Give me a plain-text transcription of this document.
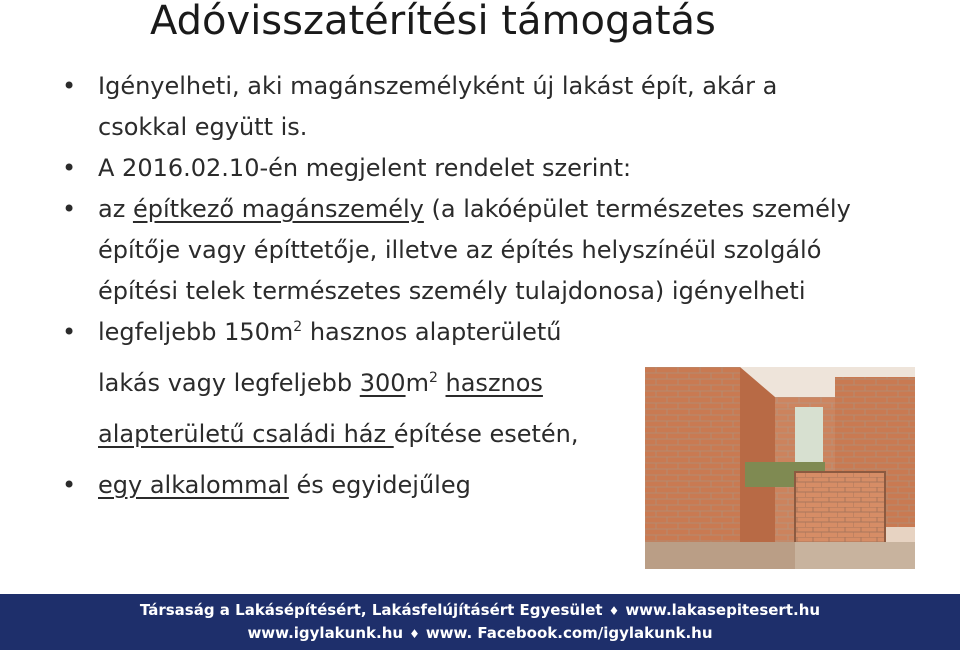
Adóvisszatérítési támogatás
• Igényelheti, aki magánszemélyként új lakást épít, akár a csokkal együtt is.
• A 2016.02.10-én megjelent rendelet szerint:
• az építkező magánszemély (a lakóépület természetes személy építője vagy építtetője, illetve az építés helyszínéül szolgáló építési telek természetes személy tulajdonosa) igényelheti
• legfeljebb $150m^2$ hasznos alapterületű
lakás vagy legfeljebb $300m^2$ hasznos
alapterületű családi ház építése esetén,
• egy alkalommal és egyidejűleg
Társaság a Lakásépítésért, Lakásfelújításért Egyesület ♦ www.lakasepitesert.hu
www.igylakunk.hu ♦ www. Facebook.com/igylakunk.hu
